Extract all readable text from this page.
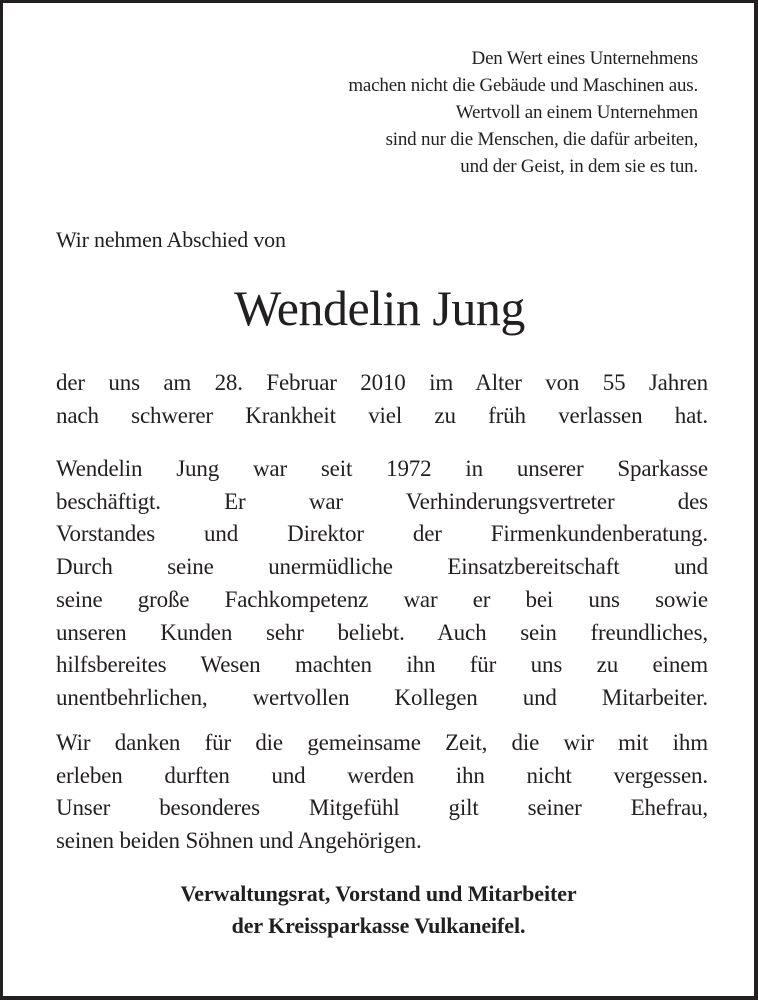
Den Wert eines Unternehmens
machen nicht die Gebäude und Maschinen aus.
Wertvoll an einem Unternehmen
sind nur die Menschen, die dafür arbeiten,
und der Geist, in dem sie es tun.
Wir nehmen Abschied von
Wendelin Jung
der uns am 28. Februar 2010 im Alter von 55 Jahren
nach schwerer Krankheit viel zu früh verlassen hat.
Wendelin Jung war seit 1972 in unserer Sparkasse
beschäftigt. Er war Verhinderungsvertreter des
Vorstandes und Direktor der Firmenkundenberatung.
Durch seine unermüdliche Einsatzbereitschaft und
seine große Fachkompetenz war er bei uns sowie
unseren Kunden sehr beliebt. Auch sein freundliches,
hilfsbereites Wesen machten ihn für uns zu einem
unentbehrlichen, wertvollen Kollegen und Mitarbeiter.
Wir danken für die gemeinsame Zeit, die wir mit ihm
erleben durften und werden ihn nicht vergessen.
Unser besonderes Mitgefühl gilt seiner Ehefrau,
seinen beiden Söhnen und Angehörigen.
Verwaltungsrat, Vorstand und Mitarbeiter
der Kreissparkasse Vulkaneifel.
